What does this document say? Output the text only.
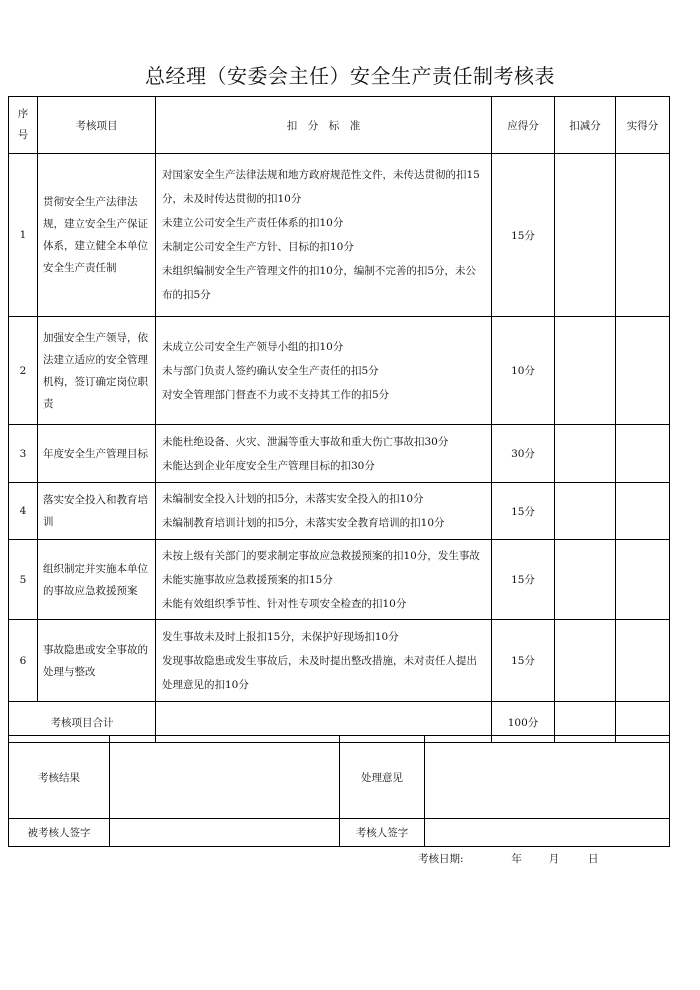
总经理（安委会主任）安全生产责任制考核表
序
号	考核项目	扣　分　标　准	应得分	扣减分	实得分
1	贯彻安全生产法律法规，建立安全生产保证体系，建立健全本单位安全生产责任制	对国家安全生产法律法规和地方政府规范性文件，未传达贯彻的扣15分，未及时传达贯彻的扣10分
未建立公司安全生产责任体系的扣10分
未制定公司安全生产方针、目标的扣10分
未组织编制安全生产管理文件的扣10分，编制不完善的扣5分，未公布的扣5分	15分		
2	加强安全生产领导，依法建立适应的安全管理机构，签订确定岗位职责	未成立公司安全生产领导小组的扣10分
未与部门负责人签约确认安全生产责任的扣5分
对安全管理部门督查不力或不支持其工作的扣5分	10分		
3	年度安全生产管理目标	未能杜绝设备、火灾、泄漏等重大事故和重大伤亡事故扣30分
未能达到企业年度安全生产管理目标的扣30分	30分		
4	落实安全投入和教育培训	未编制安全投入计划的扣5分，未落实安全投入的扣10分
未编制教育培训计划的扣5分，未落实安全教育培训的扣10分	15分		
5	组织制定并实施本单位的事故应急救援预案	未按上级有关部门的要求制定事故应急救援预案的扣10分，发生事故未能实施事故应急救援预案的扣15分
未能有效组织季节性、针对性专项安全检查的扣10分	15分		
6	事故隐患或安全事故的处理与整改	发生事故未及时上报扣15分，未保护好现场扣10分
发现事故隐患或发生事故后，未及时提出整改措施，未对责任人提出处理意见的扣10分	15分		
考核项目合计			100分		
考核结果		处理意见	
被考核人签字		考核人签字	
考核日期:	年	月	日
